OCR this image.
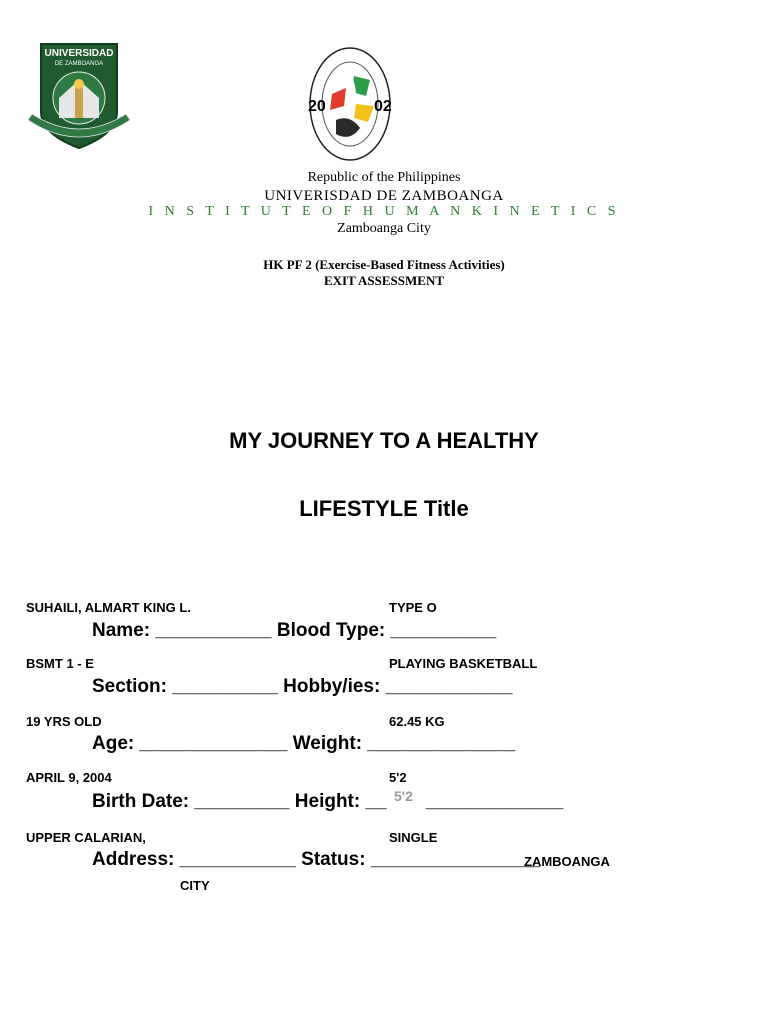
UNIVERSIDAD
DE ZAMBOANGA
20	02
Republic of the Philippines
UNIVERISDAD DE ZAMBOANGA
I N S T I T U T E O F H U M A N K I N E T I C S
Zamboanga City
HK PF 2 (Exercise-Based Fitness Activities)
EXIT ASSESSMENT
MY JOURNEY TO A HEALTHY
LIFESTYLE Title
SUHAILI, ALMART KING L.	TYPE O
Name: ___________ Blood Type: __________
BSMT 1 - E	PLAYING BASKETBALL
Section: __________ Hobby/ies: ____________
19 YRS OLD	62.45 KG
Age: ______________ Weight: ______________
APRIL 9, 2004	5'2
Birth Date: _________ Height: __ 5'2 _____________
UPPER CALARIAN,	SINGLE
Address: ___________ Status: ________________
ZAMBOANGA
CITY
